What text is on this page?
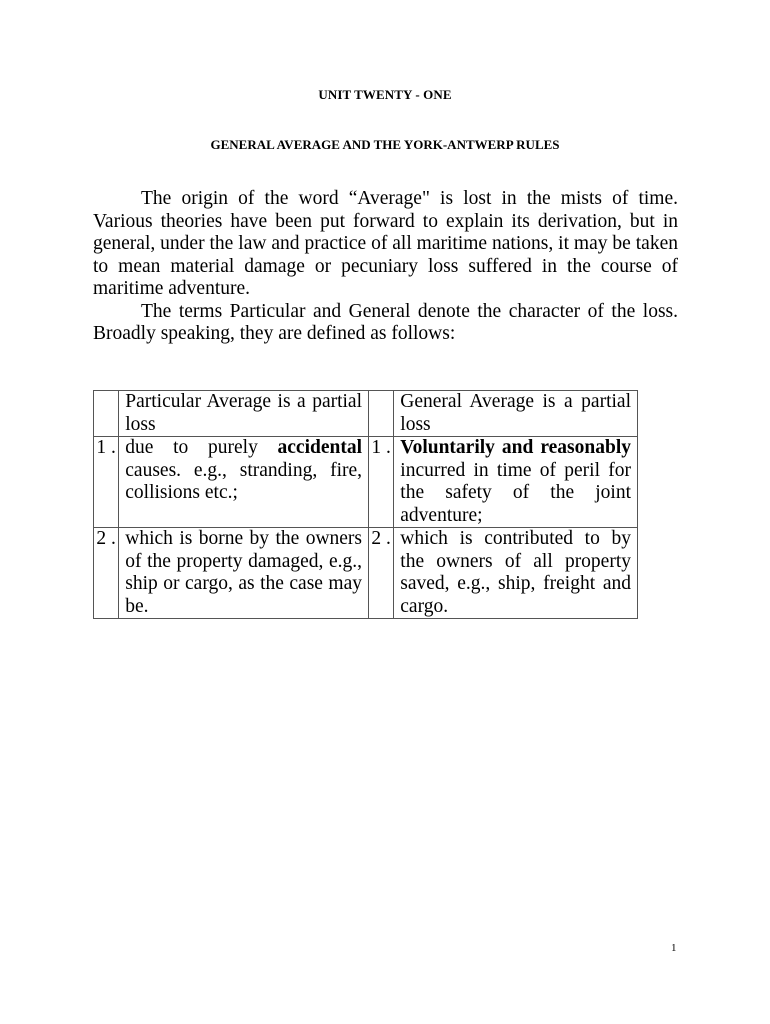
UNIT TWENTY - ONE
GENERAL AVERAGE AND THE YORK-ANTWERP RULES

The origin of the word “Average" is lost in the mists of time. Various theories have been put forward to explain its derivation, but in general, under the law and practice of all maritime nations, it may be taken to mean material damage or pecuniary loss suffered in the course of maritime adventure.

The terms Particular and General denote the character of the loss. Broadly speaking, they are defined as follows:

	Particular Average is a partial loss		General Average is a partial loss
1 .	due to purely accidental causes. e.g., stranding, fire, collisions etc.;	1 .	Voluntarily and reasonably incurred in time of peril for the safety of the joint adventure;
2 .	which is borne by the owners of the property damaged, e.g., ship or cargo, as the case may be.	2 .	which is contributed to by the owners of all property saved, e.g., ship, freight and cargo.
1
